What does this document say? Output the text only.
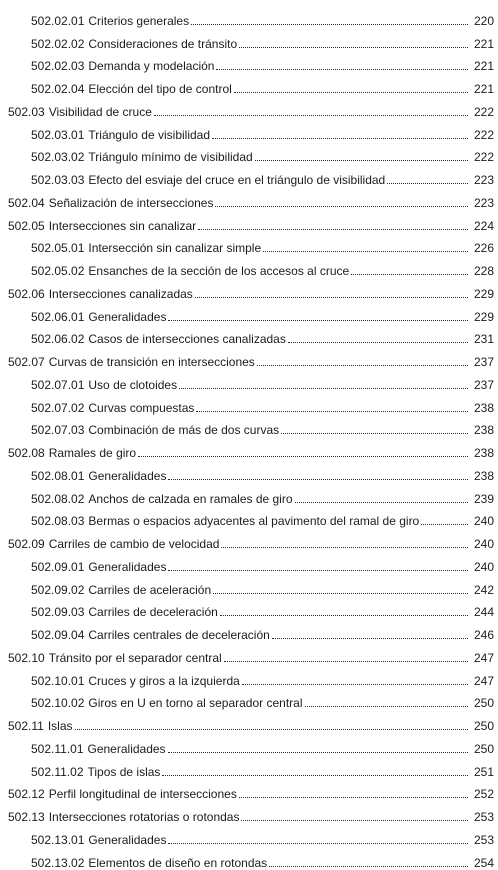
502.02.01 Criterios generales	220
502.02.02 Consideraciones de tránsito	221
502.02.03 Demanda y modelación	221
502.02.04 Elección del tipo de control	221
502.03 Visibilidad de cruce	222
502.03.01 Triángulo de visibilidad	222
502.03.02 Triángulo mínimo de visibilidad	222
502.03.03 Efecto del esviaje del cruce en el triángulo de visibilidad	223
502.04 Señalización de intersecciones	223
502.05 Intersecciones sin canalizar	224
502.05.01 Intersección sin canalizar simple	226
502.05.02 Ensanches de la sección de los accesos al cruce	228
502.06 Intersecciones canalizadas	229
502.06.01 Generalidades	229
502.06.02 Casos de intersecciones canalizadas	231
502.07 Curvas de transición en intersecciones	237
502.07.01 Uso de clotoides	237
502.07.02 Curvas compuestas	238
502.07.03 Combinación de más de dos curvas	238
502.08 Ramales de giro	238
502.08.01 Generalidades	238
502.08.02 Anchos de calzada en ramales de giro	239
502.08.03 Bermas o espacios adyacentes al pavimento del ramal de giro	240
502.09 Carriles de cambio de velocidad	240
502.09.01 Generalidades	240
502.09.02 Carriles de aceleración	242
502.09.03 Carriles de deceleración	244
502.09.04 Carriles centrales de deceleración	246
502.10 Tránsito por el separador central	247
502.10.01 Cruces y giros a la izquierda	247
502.10.02 Giros en U en torno al separador central	250
502.11 Islas	250
502.11.01 Generalidades	250
502.11.02 Tipos de islas	251
502.12 Perfil longitudinal de intersecciones	252
502.13 Intersecciones rotatorias o rotondas	253
502.13.01 Generalidades	253
502.13.02 Elementos de diseño en rotondas	254
